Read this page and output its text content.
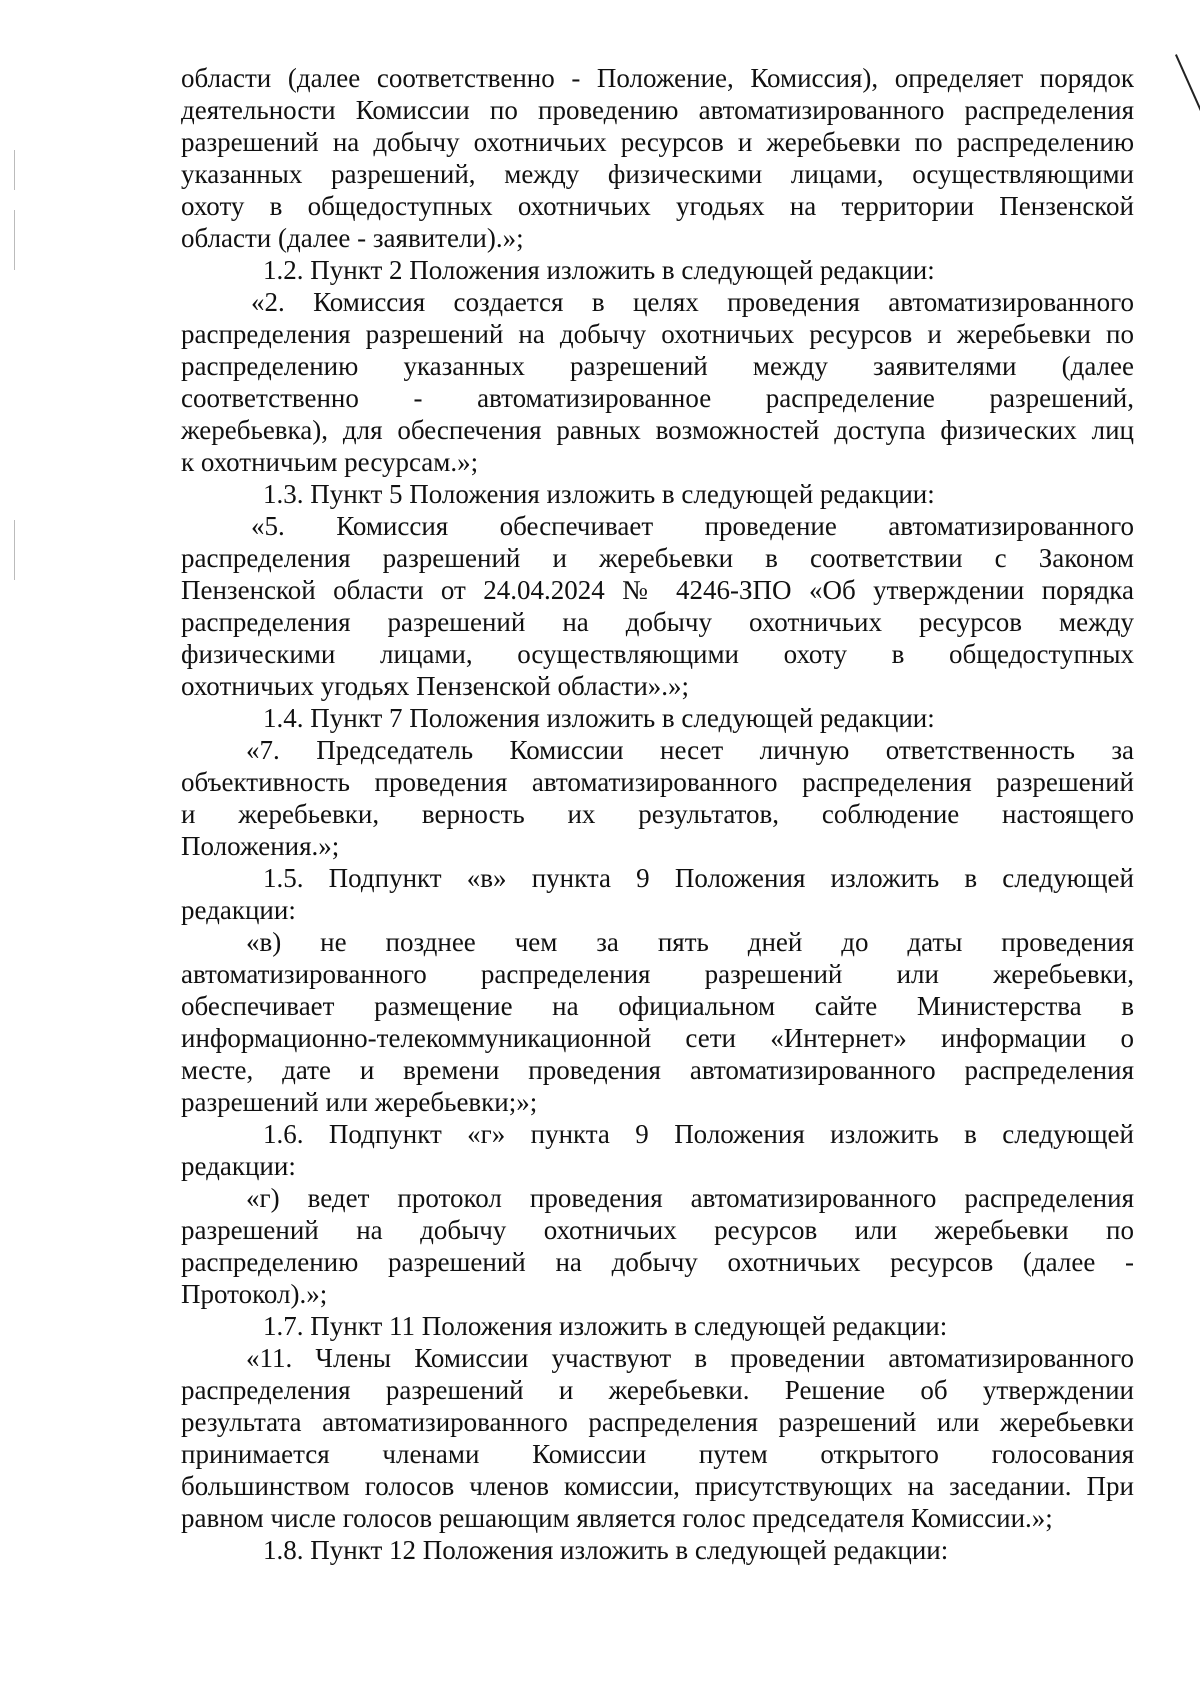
области (далее соответственно - Положение, Комиссия), определяет порядок
деятельности Комиссии по проведению автоматизированного распределения
разрешений на добычу охотничьих ресурсов и жеребьевки по распределению
указанных разрешений, между физическими лицами, осуществляющими
охоту в общедоступных охотничьих угодьях на территории Пензенской
области (далее - заявители).»;
1.2. Пункт 2 Положения изложить в следующей редакции:
«2. Комиссия создается в целях проведения автоматизированного
распределения разрешений на добычу охотничьих ресурсов и жеребьевки по
распределению указанных разрешений между заявителями (далее
соответственно - автоматизированное распределение разрешений,
жеребьевка), для обеспечения равных возможностей доступа физических лиц
к охотничьим ресурсам.»;
1.3. Пункт 5 Положения изложить в следующей редакции:
«5. Комиссия обеспечивает проведение автоматизированного
распределения разрешений и жеребьевки в соответствии с Законом
Пензенской области от 24.04.2024 № 4246-ЗПО «Об утверждении порядка
распределения разрешений на добычу охотничьих ресурсов между
физическими лицами, осуществляющими охоту в общедоступных
охотничьих угодьях Пензенской области».»;
1.4. Пункт 7 Положения изложить в следующей редакции:
«7. Председатель Комиссии несет личную ответственность за
объективность проведения автоматизированного распределения разрешений
и жеребьевки, верность их результатов, соблюдение настоящего
Положения.»;
1.5. Подпункт «в» пункта 9 Положения изложить в следующей
редакции:
«в) не позднее чем за пять дней до даты проведения
автоматизированного распределения разрешений или жеребьевки,
обеспечивает размещение на официальном сайте Министерства в
информационно-телекоммуникационной сети «Интернет» информации о
месте, дате и времени проведения автоматизированного распределения
разрешений или жеребьевки;»;
1.6. Подпункт «г» пункта 9 Положения изложить в следующей
редакции:
«г) ведет протокол проведения автоматизированного распределения
разрешений на добычу охотничьих ресурсов или жеребьевки по
распределению разрешений на добычу охотничьих ресурсов (далее -
Протокол).»;
1.7. Пункт 11 Положения изложить в следующей редакции:
«11. Члены Комиссии участвуют в проведении автоматизированного
распределения разрешений и жеребьевки. Решение об утверждении
результата автоматизированного распределения разрешений или жеребьевки
принимается членами Комиссии путем открытого голосования
большинством голосов членов комиссии, присутствующих на заседании. При
равном числе голосов решающим является голос председателя Комиссии.»;
1.8. Пункт 12 Положения изложить в следующей редакции:
